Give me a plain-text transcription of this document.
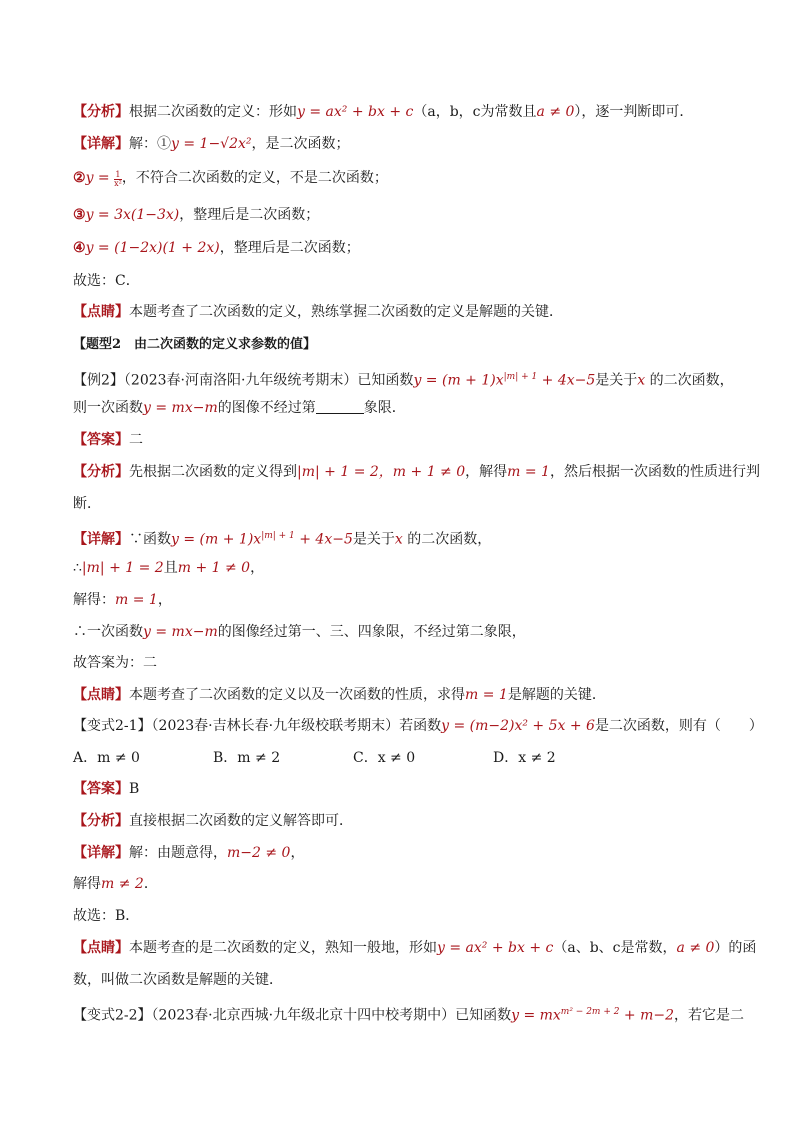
【分析】根据二次函数的定义：形如y = ax² + bx + c（a，b，c为常数且a ≠ 0），逐一判断即可．
【详解】解：①y = 1−√2x²，是二次函数；
②y = $\frac{1}{\text{x²}}$ ，不符合二次函数的定义，不是二次函数；
③y = 3x(1−3x)，整理后是二次函数；
④y = (1−2x)(1 + 2x)，整理后是二次函数；
故选：C．
【点睛】本题考查了二次函数的定义，熟练掌握二次函数的定义是解题的关键．
【题型2　由二次函数的定义求参数的值】
【例2】（2023春·河南洛阳·九年级统考期末）已知函数$y = (m + 1)x^{|m| + 1} + 4x-5$是关于x 的二次函数，
则一次函数y = mx−m的图像不经过第	象限．
【答案】二
【分析】先根据二次函数的定义得到|m| + 1 = 2，m + 1 ≠ 0，解得m = 1，然后根据一次函数的性质进行判
断．
【详解】∵函数$y = (m + 1)x^{|m| + 1} + 4x-5$是关于x 的二次函数，
∴|m| + 1 = 2且m + 1 ≠ 0，
解得：m = 1，
∴一次函数y = mx−m的图像经过第一、三、四象限，不经过第二象限，
故答案为：二
【点睛】本题考查了二次函数的定义以及一次函数的性质，求得m = 1是解题的关键．
【变式2-1】（2023春·吉林长春·九年级校联考期末）若函数y = (m−2)x² + 5x + 6是二次函数，则有（　　）
A．m ≠ 0	B．m ≠ 2	C．x ≠ 0	D．x ≠ 2
【答案】B
【分析】直接根据二次函数的定义解答即可．
【详解】解：由题意得，m−2 ≠ 0，
解得m ≠ 2．
故选：B．
【点睛】本题考查的是二次函数的定义，熟知一般地，形如y = ax² + bx + c（a、b、c是常数，a ≠ 0）的函
数，叫做二次函数是解题的关键．
【变式2-2】（2023春·北京西城·九年级北京十四中校考期中）已知函数$y = mx^{m^2 - 2m + 2} + m-2$，若它是二
